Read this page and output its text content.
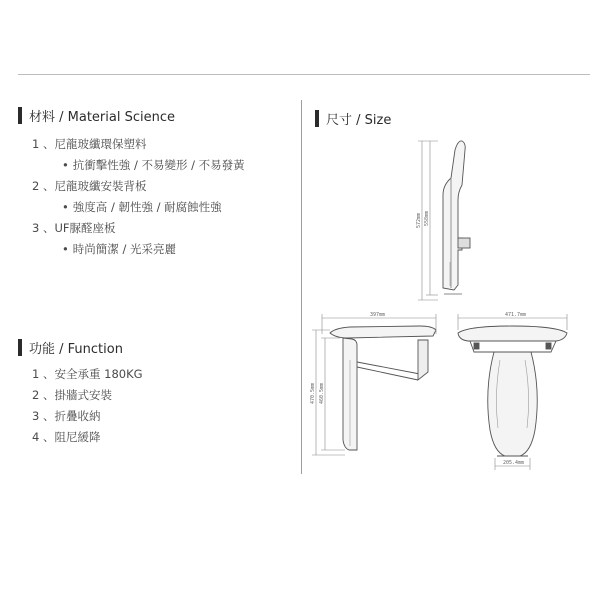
材料 / Material Science
1 、尼龍玻纖環保塑料
• 抗衝擊性強 / 不易變形 / 不易發黃
2 、尼龍玻纖安裝背板
• 強度高 / 韌性強 / 耐腐蝕性強
3 、UF脲醛座板
• 時尚簡潔 / 光采亮麗
功能 / Function
1 、安全承重 180KG
2 、掛牆式安裝
3 、折疊收納
4 、阻尼緩降
尺寸 / Size
572mm 558mm
397mm
470.5mm 460.5mm
471.7mm
205.4mm
